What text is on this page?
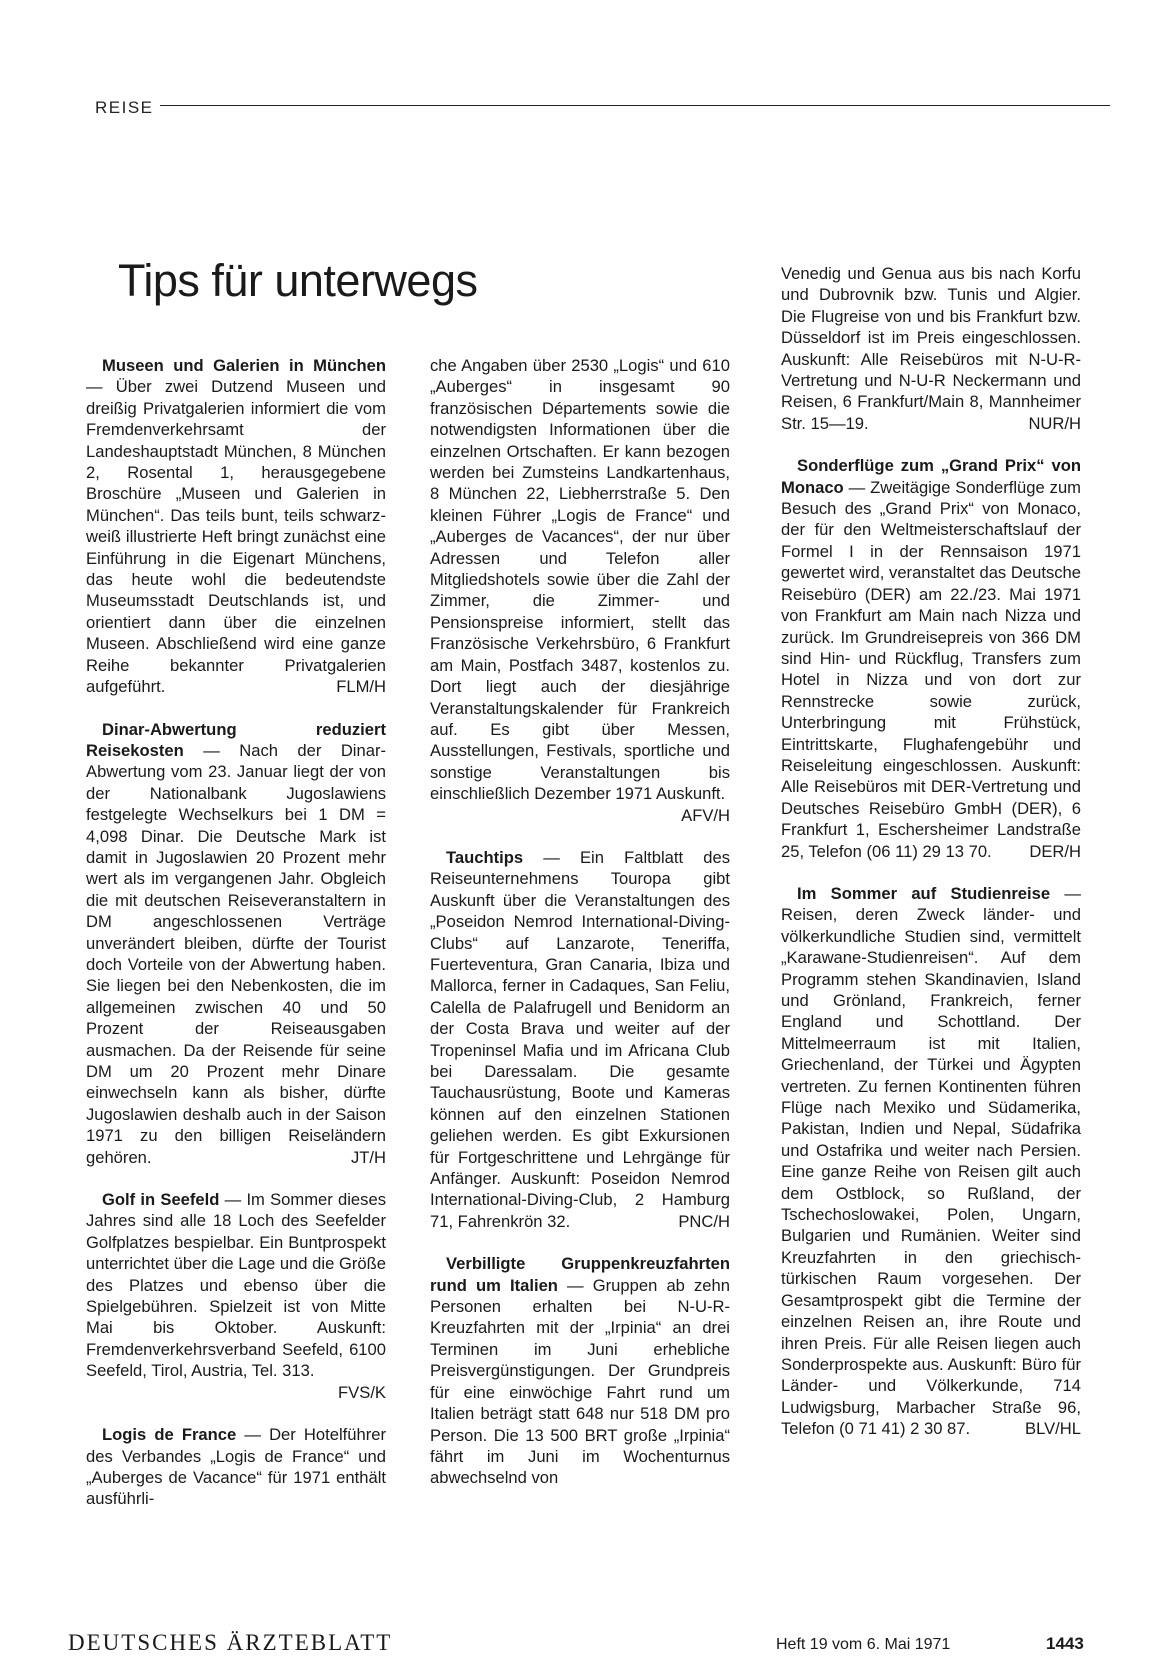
REISE
Tips für unterwegs

Museen und Galerien in München — Über zwei Dutzend Museen und dreißig Privatgalerien informiert die vom Fremdenverkehrsamt der Landeshauptstadt München, 8 München 2, Rosental 1, herausgegebene Broschüre „Museen und Galerien in München“. Das teils bunt, teils schwarz-weiß illustrierte Heft bringt zunächst eine Einführung in die Eigenart Münchens, das heute wohl die bedeutendste Museumsstadt Deutschlands ist, und orientiert dann über die einzelnen Museen. Abschließend wird eine ganze Reihe bekannter Privatgalerien aufgeführt.	FLM/H

Dinar-Abwertung reduziert Reisekosten — Nach der Dinar-Abwertung vom 23. Januar liegt der von der Nationalbank Jugoslawiens festgelegte Wechselkurs bei 1 DM = 4,098 Dinar. Die Deutsche Mark ist damit in Jugoslawien 20 Prozent mehr wert als im vergangenen Jahr. Obgleich die mit deutschen Reiseveranstaltern in DM angeschlossenen Verträge unverändert bleiben, dürfte der Tourist doch Vorteile von der Abwertung haben. Sie liegen bei den Nebenkosten, die im allgemeinen zwischen 40 und 50 Prozent der Reiseausgaben ausmachen. Da der Reisende für seine DM um 20 Prozent mehr Dinare einwechseln kann als bisher, dürfte Jugoslawien deshalb auch in der Saison 1971 zu den billigen Reiseländern gehören.	JT/H

Golf in Seefeld — Im Sommer dieses Jahres sind alle 18 Loch des Seefelder Golfplatzes bespielbar. Ein Buntprospekt unterrichtet über die Lage und die Größe des Platzes und ebenso über die Spielgebühren. Spielzeit ist von Mitte Mai bis Oktober. Auskunft: Fremdenverkehrsverband Seefeld, 6100 Seefeld, Tirol, Austria, Tel. 313.
FVS/K

Logis de France — Der Hotelführer des Verbandes „Logis de France“ und „Auberges de Vacance“ für 1971 enthält ausführli-

che Angaben über 2530 „Logis“ und 610 „Auberges“ in insgesamt 90 französischen Départements sowie die notwendigsten Informationen über die einzelnen Ortschaften. Er kann bezogen werden bei Zumsteins Landkartenhaus, 8 München 22, Liebherrstraße 5. Den kleinen Führer „Logis de France“ und „Auberges de Vacances“, der nur über Adressen und Telefon aller Mitgliedshotels sowie über die Zahl der Zimmer, die Zimmer- und Pensionspreise informiert, stellt das Französische Verkehrsbüro, 6 Frankfurt am Main, Postfach 3487, kostenlos zu. Dort liegt auch der diesjährige Veranstaltungskalender für Frankreich auf. Es gibt über Messen, Ausstellungen, Festivals, sportliche und sonstige Veranstaltungen bis einschließlich Dezember 1971 Auskunft.
AFV/H

Tauchtips — Ein Faltblatt des Reiseunternehmens Touropa gibt Auskunft über die Veranstaltungen des „Poseidon Nemrod International-Diving-Clubs“ auf Lanzarote, Teneriffa, Fuerteventura, Gran Canaria, Ibiza und Mallorca, ferner in Cadaques, San Feliu, Calella de Palafrugell und Benidorm an der Costa Brava und weiter auf der Tropeninsel Mafia und im Africana Club bei Daressalam. Die gesamte Tauchausrüstung, Boote und Kameras können auf den einzelnen Stationen geliehen werden. Es gibt Exkursionen für Fortgeschrittene und Lehrgänge für Anfänger. Auskunft: Poseidon Nemrod International-Diving-Club, 2 Hamburg 71, Fahrenkrön 32.	PNC/H

Verbilligte Gruppenkreuzfahrten rund um Italien — Gruppen ab zehn Personen erhalten bei N-U-R-Kreuzfahrten mit der „Irpinia“ an drei Terminen im Juni erhebliche Preisvergünstigungen. Der Grundpreis für eine einwöchige Fahrt rund um Italien beträgt statt 648 nur 518 DM pro Person. Die 13 500 BRT große „Irpinia“ fährt im Juni im Wochenturnus abwechselnd von

Venedig und Genua aus bis nach Korfu und Dubrovnik bzw. Tunis und Algier. Die Flugreise von und bis Frankfurt bzw. Düsseldorf ist im Preis eingeschlossen. Auskunft: Alle Reisebüros mit N-U-R-Vertretung und N-U-R Neckermann und Reisen, 6 Frankfurt/Main 8, Mannheimer Str. 15—19.	NUR/H

Sonderflüge zum „Grand Prix“ von Monaco — Zweitägige Sonderflüge zum Besuch des „Grand Prix“ von Monaco, der für den Weltmeisterschaftslauf der Formel I in der Rennsaison 1971 gewertet wird, veranstaltet das Deutsche Reisebüro (DER) am 22./23. Mai 1971 von Frankfurt am Main nach Nizza und zurück. Im Grundreisepreis von 366 DM sind Hin- und Rückflug, Transfers zum Hotel in Nizza und von dort zur Rennstrecke sowie zurück, Unterbringung mit Frühstück, Eintrittskarte, Flughafengebühr und Reiseleitung eingeschlossen. Auskunft: Alle Reisebüros mit DER-Vertretung und Deutsches Reisebüro GmbH (DER), 6 Frankfurt 1, Eschersheimer Landstraße 25, Telefon (06 11) 29 13 70.	DER/H

Im Sommer auf Studienreise — Reisen, deren Zweck länder- und völkerkundliche Studien sind, vermittelt „Karawane-Studienreisen“. Auf dem Programm stehen Skandinavien, Island und Grönland, Frankreich, ferner England und Schottland. Der Mittelmeerraum ist mit Italien, Griechenland, der Türkei und Ägypten vertreten. Zu fernen Kontinenten führen Flüge nach Mexiko und Südamerika, Pakistan, Indien und Nepal, Südafrika und Ostafrika und weiter nach Persien. Eine ganze Reihe von Reisen gilt auch dem Ostblock, so Rußland, der Tschechoslowakei, Polen, Ungarn, Bulgarien und Rumänien. Weiter sind Kreuzfahrten in den griechisch-türkischen Raum vorgesehen. Der Gesamtprospekt gibt die Termine der einzelnen Reisen an, ihre Route und ihren Preis. Für alle Reisen liegen auch Sonderprospekte aus. Auskunft: Büro für Länder- und Völkerkunde, 714 Ludwigsburg, Marbacher Straße 96, Telefon (0 71 41) 2 30 87.	BLV/HL

DEUTSCHES ÄRZTEBLATT	Heft 19 vom 6. Mai 1971	1443
